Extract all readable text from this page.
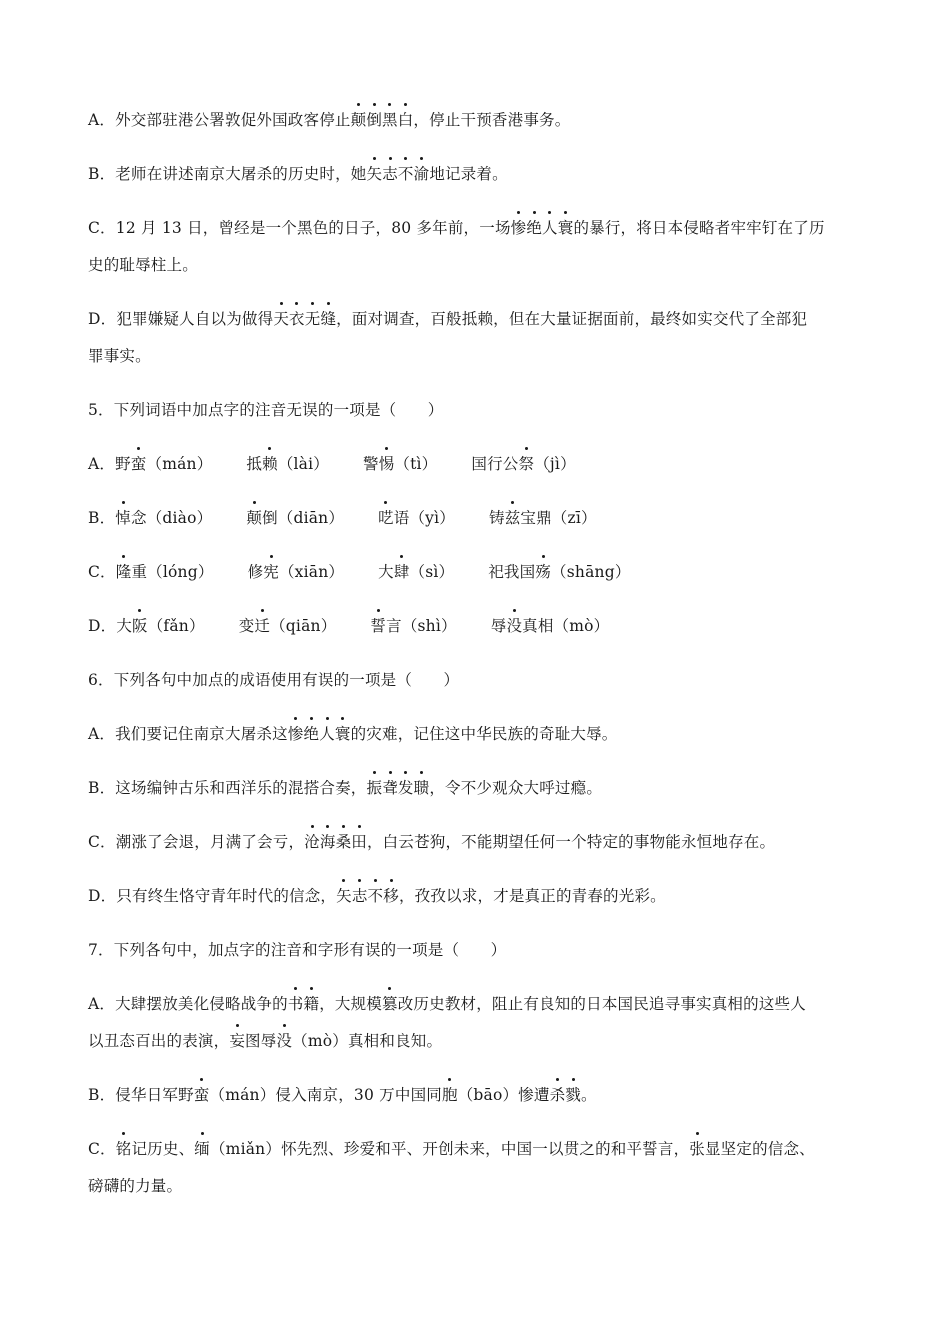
A．外交部驻港公署敦促外国政客停止颠倒黑白，停止干预香港事务。
B．老师在讲述南京大屠杀的历史时，她矢志不渝地记录着。
C．12 月 13 日，曾经是一个黑色的日子，80 多年前，一场惨绝人寰的暴行，将日本侵略者牢牢钉在了历
史的耻辱柱上。
D．犯罪嫌疑人自以为做得天衣无缝，面对调查，百般抵赖，但在大量证据面前，最终如实交代了全部犯
罪事实。
5．下列词语中加点字的注音无误的一项是（　　）
A．野蛮（mán） 抵赖（lài） 警惕（tì） 国行公祭（jì）
B．悼念（diào） 颠倒（diān） 呓语（yì） 铸兹宝鼎（zī）
C．隆重（lóng） 修宪（xiān） 大肆（sì） 祀我国殇（shāng）
D．大阪（fǎn） 变迁（qiān） 誓言（shì） 辱没真相（mò）
6．下列各句中加点的成语使用有误的一项是（　　）
A．我们要记住南京大屠杀这惨绝人寰的灾难，记住这中华民族的奇耻大辱。
B．这场编钟古乐和西洋乐的混搭合奏，振聋发聩，令不少观众大呼过瘾。
C．潮涨了会退，月满了会亏，沧海桑田，白云苍狗，不能期望任何一个特定的事物能永恒地存在。
D．只有终生恪守青年时代的信念，矢志不移，孜孜以求，才是真正的青春的光彩。
7．下列各句中，加点字的注音和字形有误的一项是（　　）
A．大肆摆放美化侵略战争的书籍，大规模篡改历史教材，阻止有良知的日本国民追寻事实真相的这些人
以丑态百出的表演，妄图辱没（mò）真相和良知。
B．侵华日军野蛮（mán）侵入南京，30 万中国同胞（bāo）惨遭杀戮。
C．铭记历史、缅（miǎn）怀先烈、珍爱和平、开创未来，中国一以贯之的和平誓言，张显坚定的信念、
磅礴的力量。
